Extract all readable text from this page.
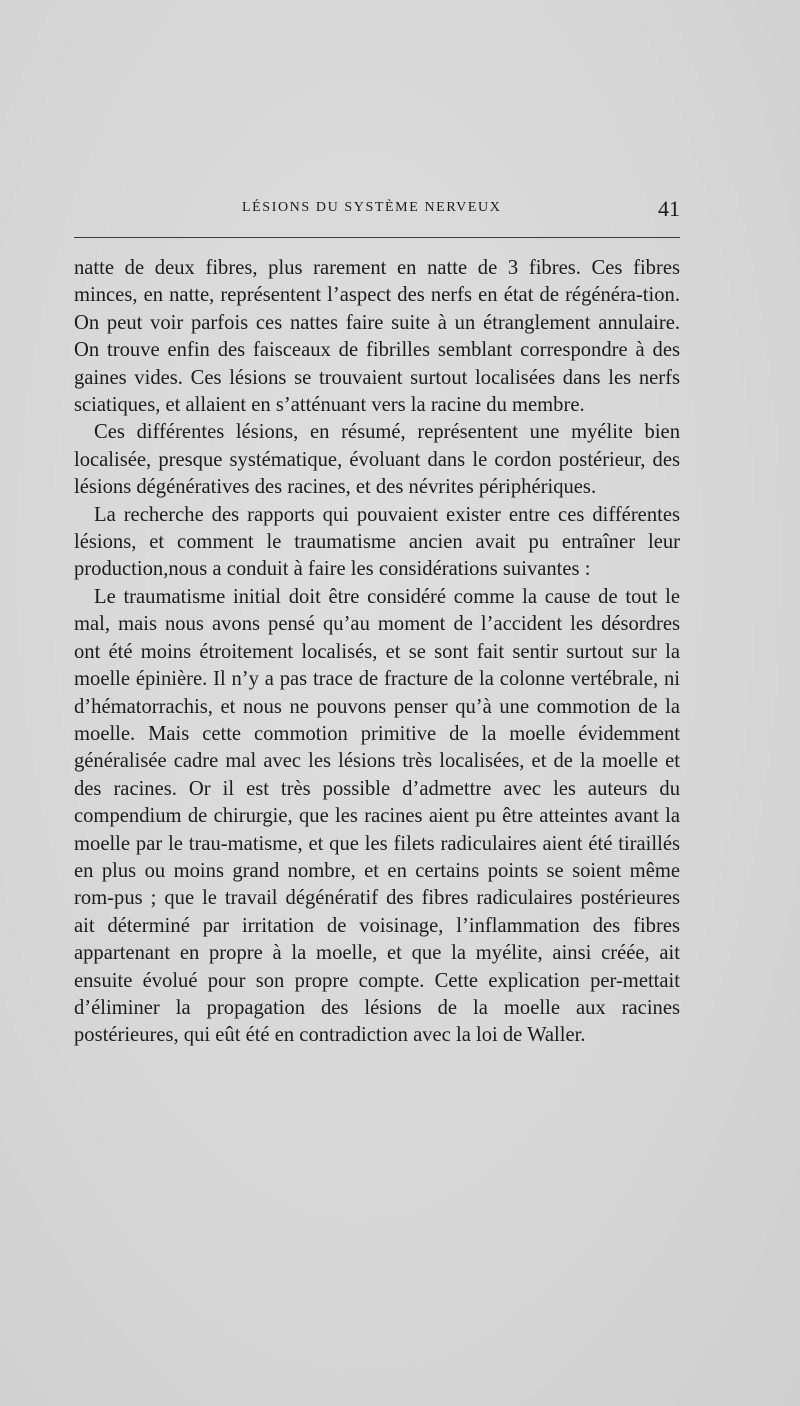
LÉSIONS DU SYSTÈME NERVEUX	41

natte de deux fibres, plus rarement en natte de 3 fibres. Ces fibres minces, en natte, représentent l’aspect des nerfs en état de régénéra-tion. On peut voir parfois ces nattes faire suite à un étranglement annulaire. On trouve enfin des faisceaux de fibrilles semblant correspondre à des gaines vides. Ces lésions se trouvaient surtout localisées dans les nerfs sciatiques, et allaient en s’atténuant vers la racine du membre.

Ces différentes lésions, en résumé, représentent une myélite bien localisée, presque systématique, évoluant dans le cordon postérieur, des lésions dégénératives des racines, et des névrites périphériques.

La recherche des rapports qui pouvaient exister entre ces différentes lésions, et comment le traumatisme ancien avait pu entraîner leur production,nous a conduit à faire les considérations suivantes :

Le traumatisme initial doit être considéré comme la cause de tout le mal, mais nous avons pensé qu’au moment de l’accident les désordres ont été moins étroitement localisés, et se sont fait sentir surtout sur la moelle épinière. Il n’y a pas trace de fracture de la colonne vertébrale, ni d’hématorrachis, et nous ne pouvons penser qu’à une commotion de la moelle. Mais cette commotion primitive de la moelle évidemment généralisée cadre mal avec les lésions très localisées, et de la moelle et des racines. Or il est très possible d’admettre avec les auteurs du compendium de chirurgie, que les racines aient pu être atteintes avant la moelle par le trau-matisme, et que les filets radiculaires aient été tiraillés en plus ou moins grand nombre, et en certains points se soient même rom-pus ; que le travail dégénératif des fibres radiculaires postérieures ait déterminé par irritation de voisinage, l’inflammation des fibres appartenant en propre à la moelle, et que la myélite, ainsi créée, ait ensuite évolué pour son propre compte. Cette explication per-mettait d’éliminer la propagation des lésions de la moelle aux racines postérieures, qui eût été en contradiction avec la loi de Waller.
